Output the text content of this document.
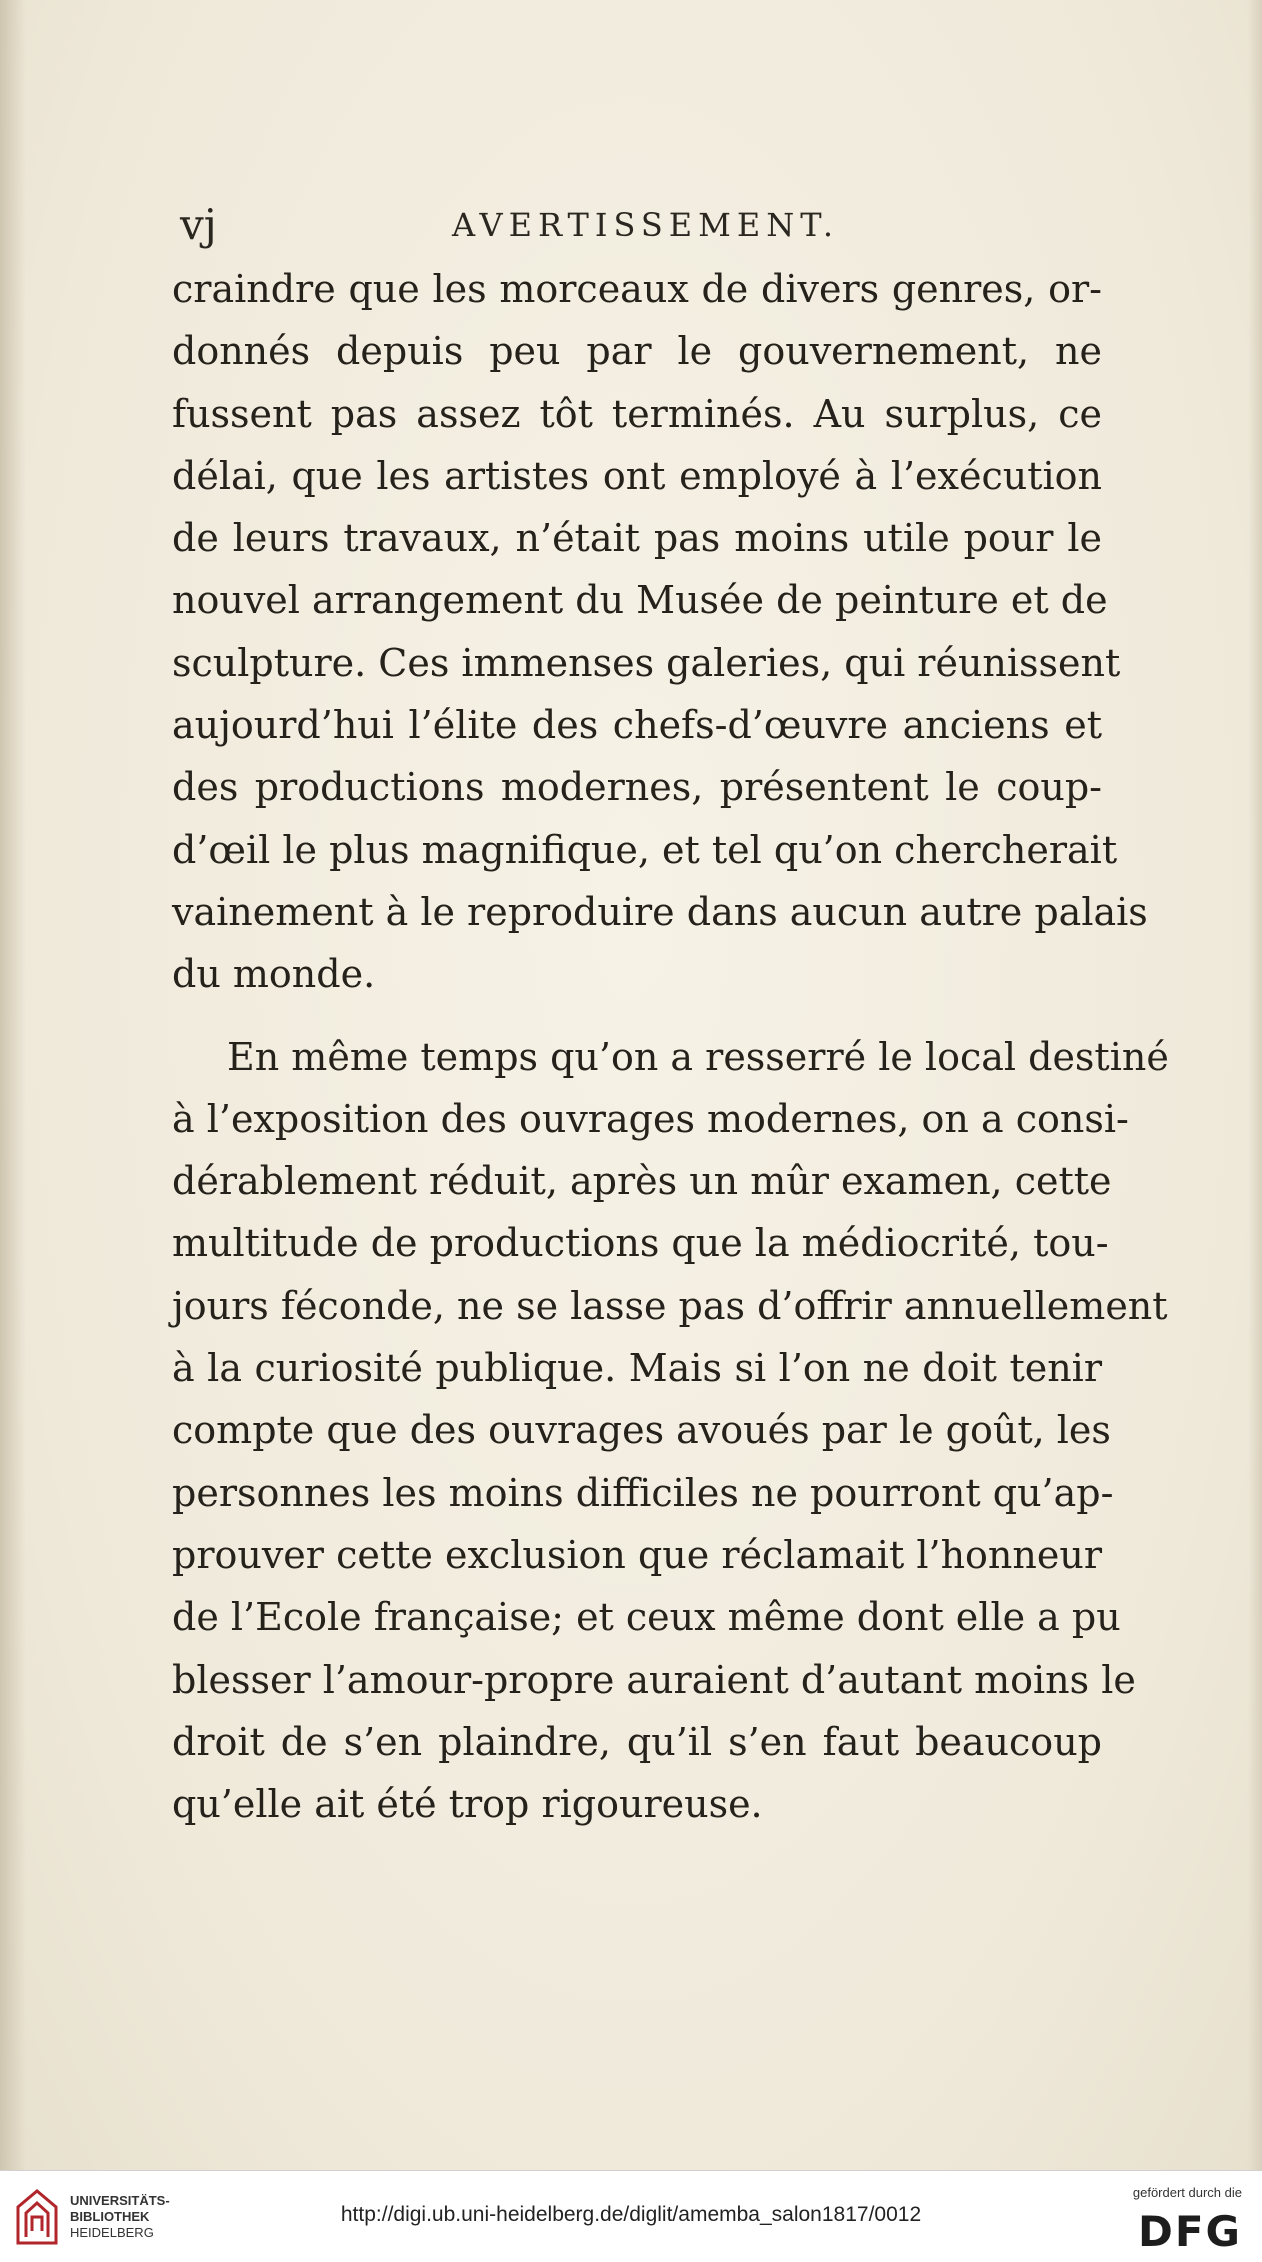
vj	AVERTISSEMENT.
craindre que les morceaux de divers genres, or-
donnés depuis peu par le gouvernement, ne
fussent pas assez tôt terminés. Au surplus, ce
délai, que les artistes ont employé à l’exécution
de leurs travaux, n’était pas moins utile pour le
nouvel arrangement du Musée de peinture et de
sculpture. Ces immenses galeries, qui réunissent
aujourd’hui l’élite des chefs-d’œuvre anciens et
des productions modernes, présentent le coup-
d’œil le plus magnifique, et tel qu’on chercherait
vainement à le reproduire dans aucun autre palais
du monde.
En même temps qu’on a resserré le local destiné
à l’exposition des ouvrages modernes, on a consi-
dérablement réduit, après un mûr examen, cette
multitude de productions que la médiocrité, tou-
jours féconde, ne se lasse pas d’offrir annuellement
à la curiosité publique. Mais si l’on ne doit tenir
compte que des ouvrages avoués par le goût, les
personnes les moins difficiles ne pourront qu’ap-
prouver cette exclusion que réclamait l’honneur
de l’Ecole française; et ceux même dont elle a pu
blesser l’amour-propre auraient d’autant moins le
droit de s’en plaindre, qu’il s’en faut beaucoup
qu’elle ait été trop rigoureuse.
UNIVERSITÄTS-
BIBLIOTHEK
HEIDELBERG
http://digi.ub.uni-heidelberg.de/diglit/amemba_salon1817/0012
gefördert durch die
DFG
